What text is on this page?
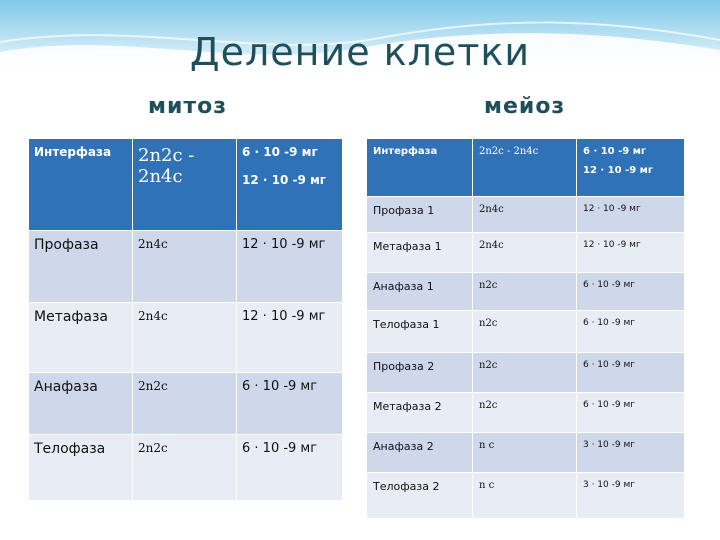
Деление клетки
митоз	мейоз
Интерфаза	2n2c - 2n4c	6 · 10 -9 мг
12 · 10 -9 мг

Профаза	2n4c	12 · 10 -9 мг
Метафаза	2n4c	12 · 10 -9 мг
Анафаза	2n2c	6 · 10 -9 мг
Телофаза	2n2c	6 · 10 -9 мг
Интерфаза	2n2c - 2n4c	6 · 10 -9 мг
12 · 10 -9 мг

Профаза 1	2n4c	12 · 10 -9 мг
Метафаза 1	2n4c	12 · 10 -9 мг
Анафаза 1	n2c	6 · 10 -9 мг
Телофаза 1	n2c	6 · 10 -9 мг
Профаза 2	n2c	6 · 10 -9 мг
Метафаза 2	n2c	6 · 10 -9 мг
Анафаза 2	n c	3 · 10 -9 мг
Телофаза 2	n c	3 · 10 -9 мг
